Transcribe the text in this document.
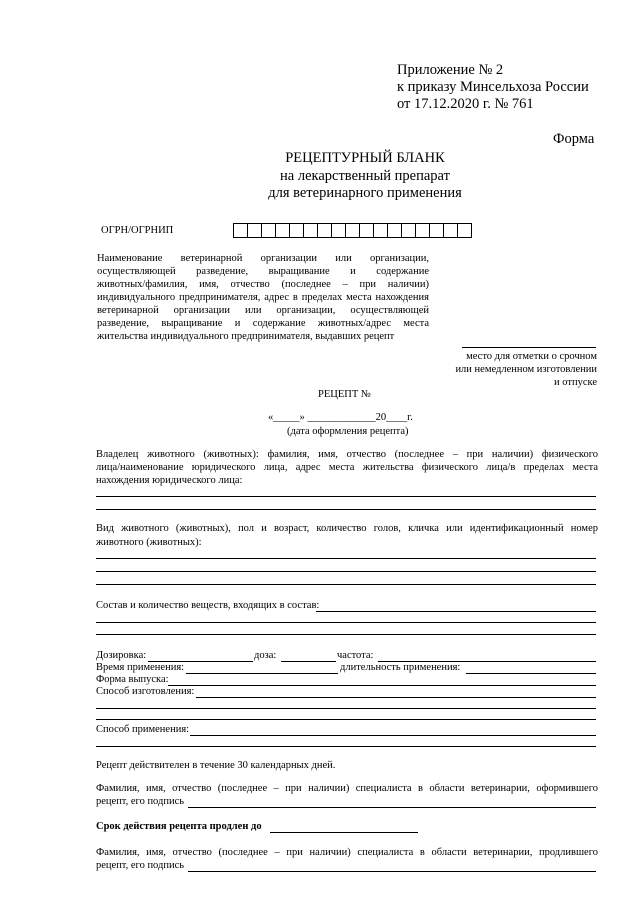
Приложение № 2
к приказу Минсельхоза России
от 17.12.2020 г. № 761
Форма
РЕЦЕПТУРНЫЙ БЛАНК
на лекарственный препарат
для ветеринарного применения
ОГРН/ОГРНИП
Наименование ветеринарной организации или организации,
осуществляющей разведение, выращивание и содержание
животных/фамилия, имя, отчество (последнее – при наличии)
индивидуального предпринимателя, адрес в пределах места нахождения
ветеринарной организации или организации, осуществляющей
разведение, выращивание и содержание животных/адрес места
жительства индивидуального предпринимателя, выдавших рецепт
место для отметки о срочном
или немедленном изготовлении
и отпуске
РЕЦЕПТ №
«_____» _____________20____г.
(дата оформления рецепта)
Владелец животного (животных): фамилия, имя, отчество (последнее – при наличии) физического
лица/наименование юридического лица, адрес места жительства физического лица/в пределах места
нахождения юридического лица:
Вид животного (животных), пол и возраст, количество голов, кличка или идентификационный номер
животного (животных):
Состав и количество веществ, входящих в состав:
Дозировка:	доза:	частота:
Время применения:	длительность применения:
Форма выпуска:
Способ изготовления:
Способ применения:
Рецепт действителен в течение 30 календарных дней.
Фамилия, имя, отчество (последнее – при наличии) специалиста в области ветеринарии, оформившего
рецепт, его подпись
Срок действия рецепта продлен до
Фамилия, имя, отчество (последнее – при наличии) специалиста в области ветеринарии, продлившего
рецепт, его подпись
